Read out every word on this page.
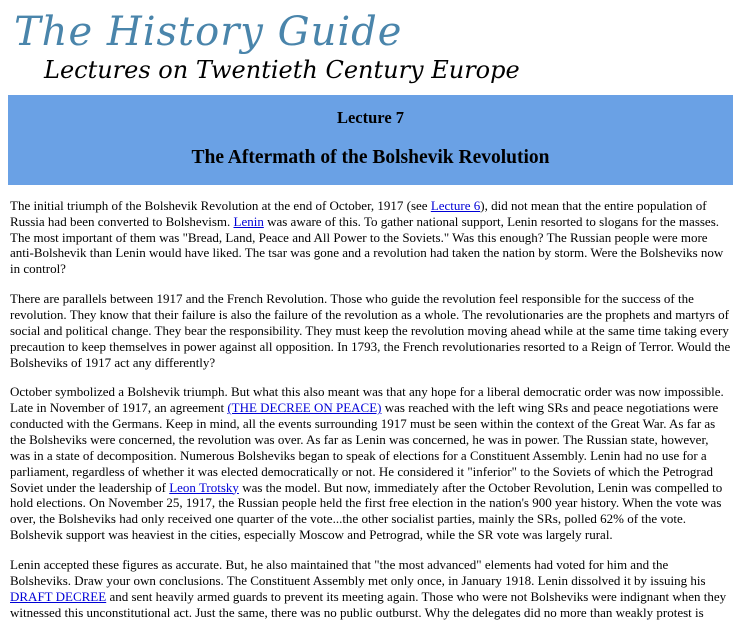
The History Guide
Lectures on Twentieth Century Europe
Lecture 7
The Aftermath of the Bolshevik Revolution

The initial triumph of the Bolshevik Revolution at the end of October, 1917 (see Lecture 6), did not mean that the entire population of Russia had been converted to Bolshevism. Lenin was aware of this. To gather national support, Lenin resorted to slogans for the masses. The most important of them was "Bread, Land, Peace and All Power to the Soviets." Was this enough? The Russian people were more anti-Bolshevik than Lenin would have liked. The tsar was gone and a revolution had taken the nation by storm. Were the Bolsheviks now in control?

There are parallels between 1917 and the French Revolution. Those who guide the revolution feel responsible for the success of the revolution. They know that their failure is also the failure of the revolution as a whole. The revolutionaries are the prophets and martyrs of social and political change. They bear the responsibility. They must keep the revolution moving ahead while at the same time taking every precaution to keep themselves in power against all opposition. In 1793, the French revolutionaries resorted to a Reign of Terror. Would the Bolsheviks of 1917 act any differently?

October symbolized a Bolshevik triumph. But what this also meant was that any hope for a liberal democratic order was now impossible. Late in November of 1917, an agreement (THE DECREE ON PEACE) was reached with the left wing SRs and peace negotiations were conducted with the Germans. Keep in mind, all the events surrounding 1917 must be seen within the context of the Great War. As far as the Bolsheviks were concerned, the revolution was over. As far as Lenin was concerned, he was in power. The Russian state, however, was in a state of decomposition. Numerous Bolsheviks began to speak of elections for a Constituent Assembly. Lenin had no use for a parliament, regardless of whether it was elected democratically or not. He considered it "inferior" to the Soviets of which the Petrograd Soviet under the leadership of Leon Trotsky was the model. But now, immediately after the October Revolution, Lenin was compelled to hold elections. On November 25, 1917, the Russian people held the first free election in the nation's 900 year history. When the vote was over, the Bolsheviks had only received one quarter of the vote...the other socialist parties, mainly the SRs, polled 62% of the vote. Bolshevik support was heaviest in the cities, especially Moscow and Petrograd, while the SR vote was largely rural.

Lenin accepted these figures as accurate. But, he also maintained that "the most advanced" elements had voted for him and the Bolsheviks. Draw your own conclusions. The Constituent Assembly met only once, in January 1918. Lenin dissolved it by issuing his DRAFT DECREE and sent heavily armed guards to prevent its meeting again. Those who were not Bolsheviks were indignant when they witnessed this unconstitutional act. Just the same, there was no public outburst. Why the delegates did no more than weakly protest is
